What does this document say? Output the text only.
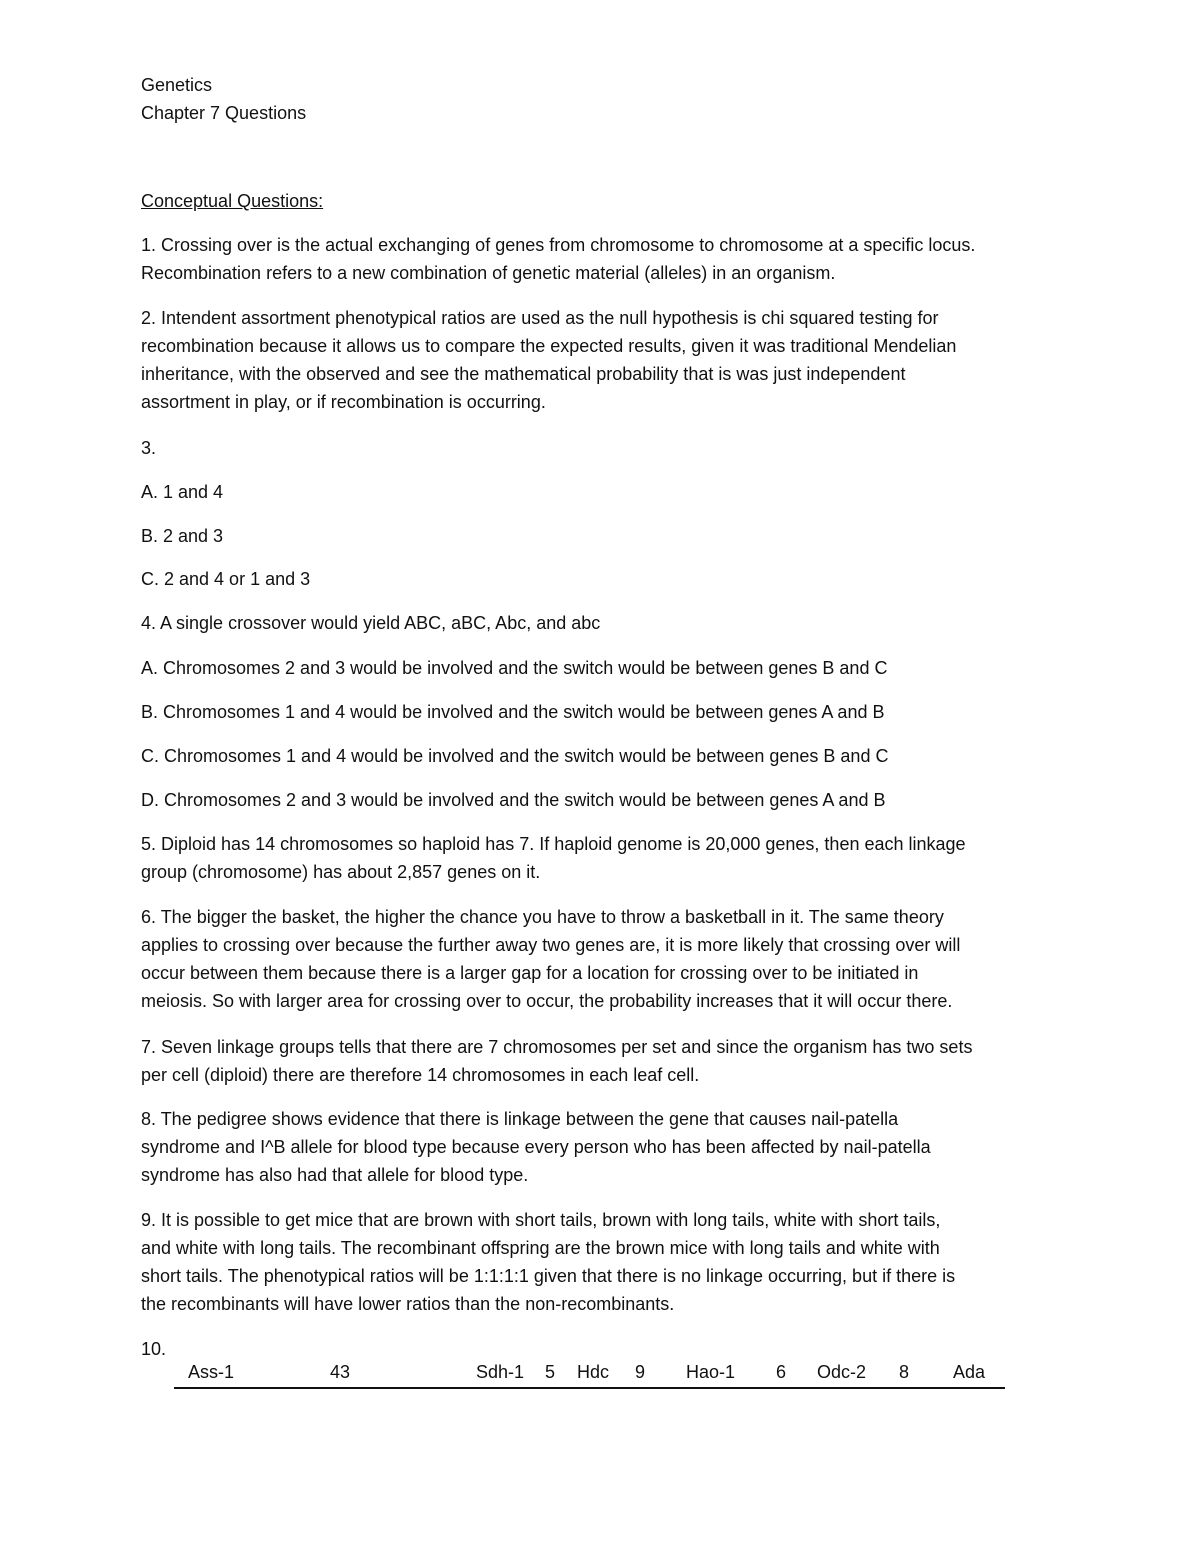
Genetics
Chapter 7 Questions
Conceptual Questions:
1. Crossing over is the actual exchanging of genes from chromosome to chromosome at a specific locus.
Recombination refers to a new combination of genetic material (alleles) in an organism.
2. Intendent assortment phenotypical ratios are used as the null hypothesis is chi squared testing for
recombination because it allows us to compare the expected results, given it was traditional Mendelian
inheritance, with the observed and see the mathematical probability that is was just independent
assortment in play, or if recombination is occurring.
3.
A. 1 and 4
B. 2 and 3
C. 2 and 4 or 1 and 3
4. A single crossover would yield ABC, aBC, Abc, and abc
A. Chromosomes 2 and 3 would be involved and the switch would be between genes B and C
B. Chromosomes 1 and 4 would be involved and the switch would be between genes A and B
C. Chromosomes 1 and 4 would be involved and the switch would be between genes B and C
D. Chromosomes 2 and 3 would be involved and the switch would be between genes A and B
5. Diploid has 14 chromosomes so haploid has 7. If haploid genome is 20,000 genes, then each linkage
group (chromosome) has about 2,857 genes on it.
6. The bigger the basket, the higher the chance you have to throw a basketball in it. The same theory
applies to crossing over because the further away two genes are, it is more likely that crossing over will
occur between them because there is a larger gap for a location for crossing over to be initiated in
meiosis. So with larger area for crossing over to occur, the probability increases that it will occur there.
7. Seven linkage groups tells that there are 7 chromosomes per set and since the organism has two sets
per cell (diploid) there are therefore 14 chromosomes in each leaf cell.
8. The pedigree shows evidence that there is linkage between the gene that causes nail-patella
syndrome and I^B allele for blood type because every person who has been affected by nail-patella
syndrome has also had that allele for blood type.
9. It is possible to get mice that are brown with short tails, brown with long tails, white with short tails,
and white with long tails. The recombinant offspring are the brown mice with long tails and white with
short tails. The phenotypical ratios will be 1:1:1:1 given that there is no linkage occurring, but if there is
the recombinants will have lower ratios than the non-recombinants.
10.
Ass-1	43	Sdh-1 5 Hdc 9 Hao-1 6 Odc-2 8 Ada
